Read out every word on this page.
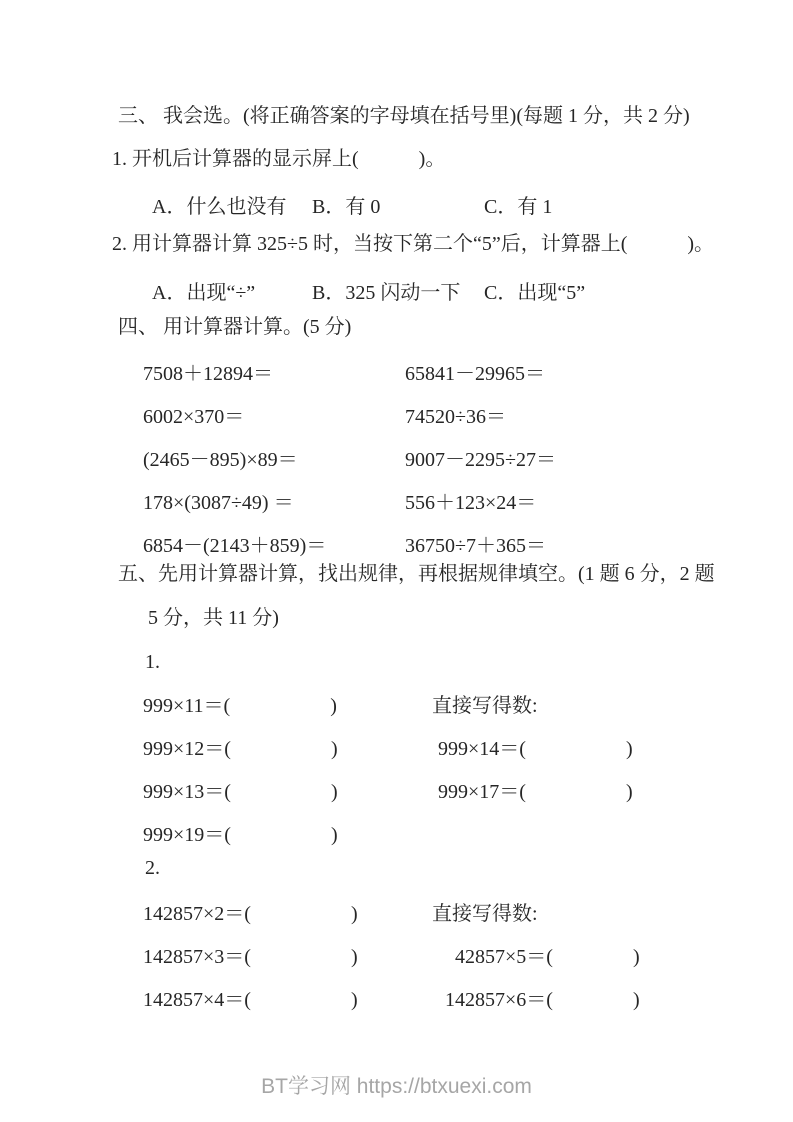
三、 我会选。(将正确答案的字母填在括号里)(每题 1 分，共 2 分)
1. 开机后计算器的显示屏上(　　　)。
A．什么也没有 B．有 0	C．有 1
2. 用计算器计算 325÷5 时，当按下第二个“5”后，计算器上(　　　)。
A．出现“÷”	B．325 闪动一下 C．出现“5”
四、 用计算器计算。(5 分)
7508＋12894＝	65841－29965＝
6002×370＝	74520÷36＝
(2465－895)×89＝	9007－2295÷27＝
178×(3087÷49) ＝	556＋123×24＝
6854－(2143＋859)＝	36750÷7＋365＝
五、先用计算器计算，找出规律，再根据规律填空。(1 题 6 分，2 题
5 分，共 11 分)
1.
999×11＝(　　　　　)	直接写得数:
999×12＝(　　　　　)	999×14＝(　　　　　)
999×13＝(　　　　　)	999×17＝(　　　　　)
999×19＝(　　　　　)
2.
142857×2＝(　　　　　)	直接写得数:
142857×3＝(　　　　　)	42857×5＝(　　　　)
142857×4＝(　　　　　)	142857×6＝(　　　　)
BT学习网 https://btxuexi.com
